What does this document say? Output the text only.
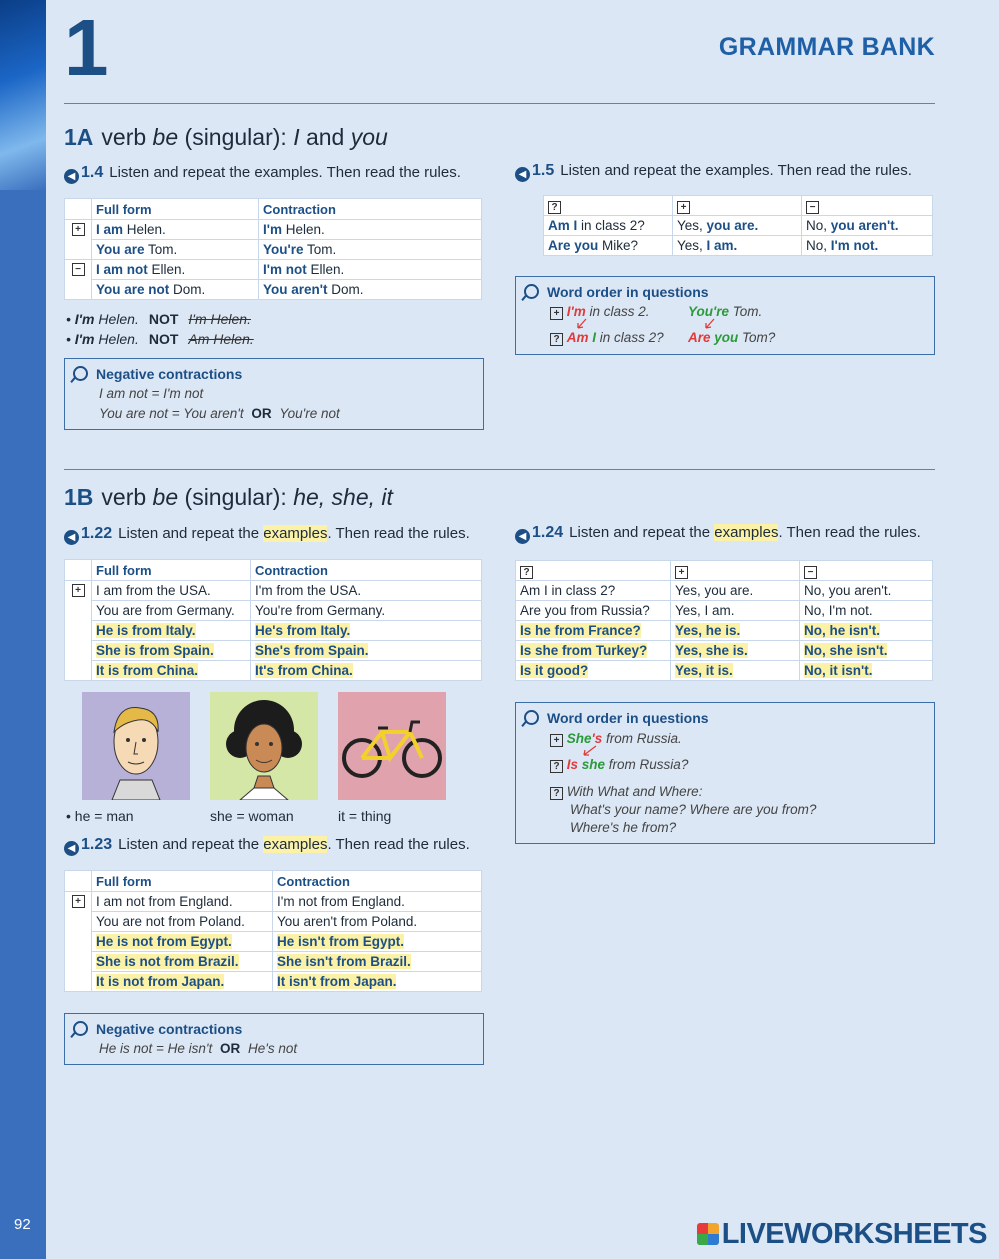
92
1	GRAMMAR BANK
1A verb be (singular): I and you
◀ 1.4 Listen and repeat the examples. Then read the rules.
	Full form	Contraction
+	I am Helen.	I'm Helen.
	You are Tom.	You're Tom.
−	I am not Ellen.	I'm not Ellen.
	You are not Dom.	You aren't Dom.
• I'm Helen. NOT I'm Helen.
• I'm Helen. NOT Am Helen.
Negative contractions
I am not = I'm not
You are not = You aren't OR You're not
◀ 1.5 Listen and repeat the examples. Then read the rules.
?	+	−
Am I in class 2?	Yes, you are.	No, you aren't.
Are you Mike?	Yes, I am.	No, I'm not.
Word order in questions
+ I'm in class 2.	You're Tom.
? Am I in class 2? Are you Tom?
1B verb be (singular): he, she, it
◀ 1.22 Listen and repeat the examples. Then read the rules.
	Full form	Contraction
+	I am from the USA.	I'm from the USA.
	You are from Germany.	You're from Germany.
	He is from Italy.	He's from Italy.
	She is from Spain.	She's from Spain.
	It is from China.	It's from China.
• he = man	she = woman	it = thing
◀ 1.23 Listen and repeat the examples. Then read the rules.
	Full form	Contraction
+	I am not from England.	I'm not from England.
	You are not from Poland.	You aren't from Poland.
	He is not from Egypt.	He isn't from Egypt.
	She is not from Brazil.	She isn't from Brazil.
	It is not from Japan.	It isn't from Japan.
Negative contractions
He is not = He isn't OR He's not
◀ 1.24 Listen and repeat the examples. Then read the rules.
?	+	−
Am I in class 2?	Yes, you are.	No, you aren't.
Are you from Russia?	Yes, I am.	No, I'm not.
Is he from France?	Yes, he is.	No, he isn't.
Is she from Turkey?	Yes, she is.	No, she isn't.
Is it good?	Yes, it is.	No, it isn't.
Word order in questions
+ She's from Russia.
? Is she from Russia?
? With What and Where:
What's your name? Where are you from?
Where's he from?
LIVEWORKSHEETS
